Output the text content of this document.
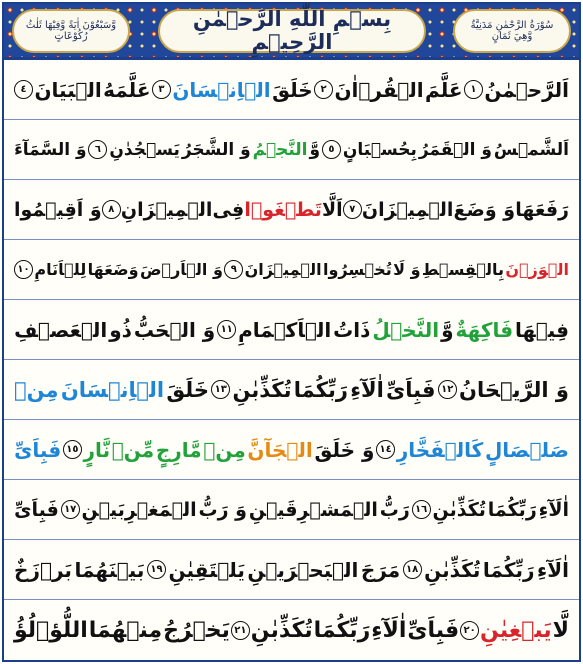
سُوْرَةُ الرَّحْمٰنِ مَدَنِيَّةٌ وَّهِيَ ثَمَانٍ
بِسۡمِ اللّٰهِ الرَّحۡمٰنِ الرَّحِیۡمِ
وَّسَبْعُوْنَ اٰيَةً وَّفِيْهَا ثَلٰثُ رُكُوْعَاتٍ
اَلرَّحۡمٰنُ
١
عَلَّمَ
الۡقُرۡاٰنَ
٢
خَلَقَ
الۡاِنۡسَانَ
٣
عَلَّمَهُ
الۡبَیَانَ
٤
اَلشَّمۡسُ
وَ الۡقَمَرُ
بِحُسۡبَانٍ
٥
وَّ
النَّجۡمُ
وَ الشَّجَرُ
یَسۡجُدٰنِ
٦
وَ السَّمَآءَ
رَفَعَهَا
وَ وَضَعَ
الۡمِیۡزَانَ
٧
اَلَّا
تَطۡغَوۡا
فِی
الۡمِیۡزَانِ
٨
وَ اَقِیۡمُوا
الۡوَزۡنَ
بِالۡقِسۡطِ
وَ لَا
تُخۡسِرُوا
الۡمِیۡزَانَ
٩
وَ الۡاَرۡضَ
وَضَعَهَا
لِلۡاَنَامِ
١٠
فِیۡهَا
فَاكِهَةٌ
وَّ
النَّخۡلُ
ذَاتُ
الۡاَكۡمَامِ
١١
وَ الۡحَبُّ
ذُو
الۡعَصۡفِ
وَ الرَّیۡحَانُ
١٢
فَبِاَیِّ
اٰلَآءِ
رَبِّكُمَا
تُكَذِّبٰنِ
١٣
خَلَقَ
الۡاِنۡسَانَ
مِنۡ
صَلۡصَالٍ
كَالۡفَخَّارِ
١٤
وَ خَلَقَ
الۡجَآنَّ
مِنۡ
مَّارِجٍ
مِّنۡ
نَّارٍ
١٥
فَبِاَیِّ
اٰلَآءِ
رَبِّكُمَا
تُكَذِّبٰنِ
١٦
رَبُّ
الۡمَشۡرِقَیۡنِ
وَ رَبُّ
الۡمَغۡرِبَیۡنِ
١٧
فَبِاَیِّ
اٰلَآءِ
رَبِّكُمَا
تُكَذِّبٰنِ
١٨
مَرَجَ
الۡبَحۡرَیۡنِ
یَلۡتَقِیٰنِ
١٩
بَیۡنَهُمَا
بَرۡزَخٌ
لَّا
یَبۡغِیٰنِ
٢٠
فَبِاَیِّ
اٰلَآءِ
رَبِّكُمَا
تُكَذِّبٰنِ
٢١
یَخۡرُجُ
مِنۡهُمَا
اللُّؤۡلُؤُ
